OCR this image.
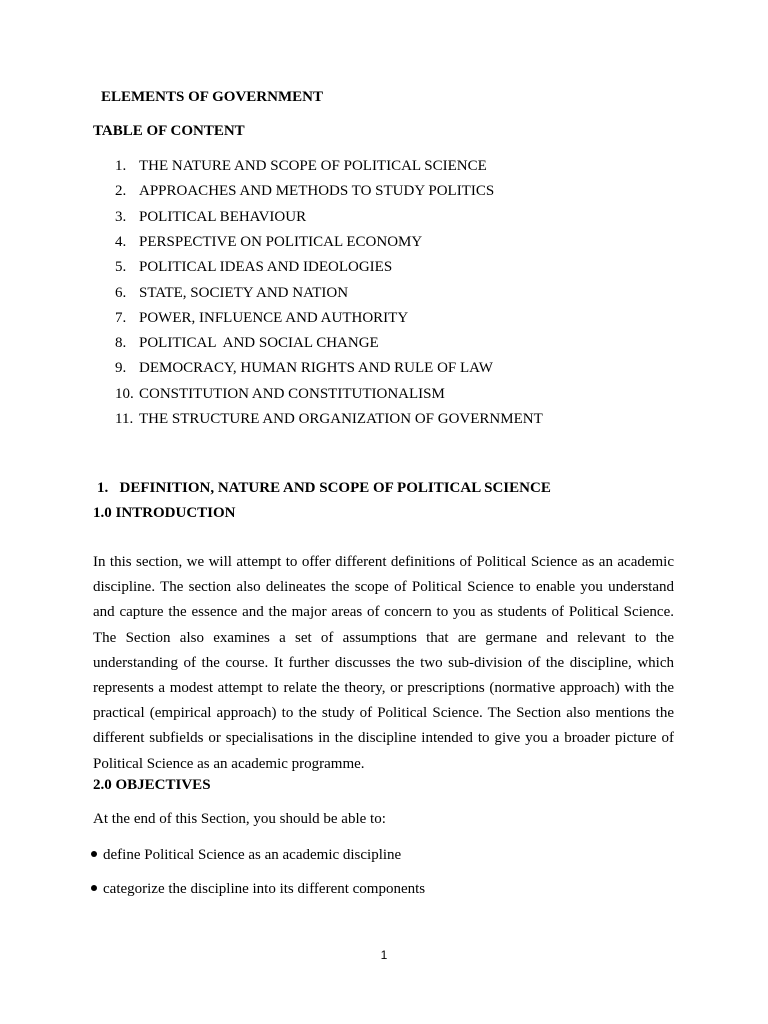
ELEMENTS OF GOVERNMENT

TABLE OF CONTENT

1. THE NATURE AND SCOPE OF POLITICAL SCIENCE
2. APPROACHES AND METHODS TO STUDY POLITICS
3. POLITICAL BEHAVIOUR
4. PERSPECTIVE ON POLITICAL ECONOMY
5. POLITICAL IDEAS AND IDEOLOGIES
6. STATE, SOCIETY AND NATION
7. POWER, INFLUENCE AND AUTHORITY
8. POLITICAL  AND SOCIAL CHANGE
9. DEMOCRACY, HUMAN RIGHTS AND RULE OF LAW
10. CONSTITUTION AND CONSTITUTIONALISM
11. THE STRUCTURE AND ORGANIZATION OF GOVERNMENT

1.   DEFINITION, NATURE AND SCOPE OF POLITICAL SCIENCE

1.0 INTRODUCTION

In this section, we will attempt to offer different definitions of Political Science as an academic discipline. The section also delineates the scope of Political Science to enable you understand and capture the essence and the major areas of concern to you as students of Political Science. The Section also examines a set of assumptions that are germane and relevant to the understanding of the course. It further discusses the two sub-division of the discipline, which represents a modest attempt to relate the theory, or prescriptions (normative approach) with the practical (empirical approach) to the study of Political Science. The Section also mentions the different subfields or specialisations in the discipline intended to give you a broader picture of Political Science as an academic programme.

2.0 OBJECTIVES

At the end of this Section, you should be able to:

define Political Science as an academic discipline
categorize the discipline into its different components
1
